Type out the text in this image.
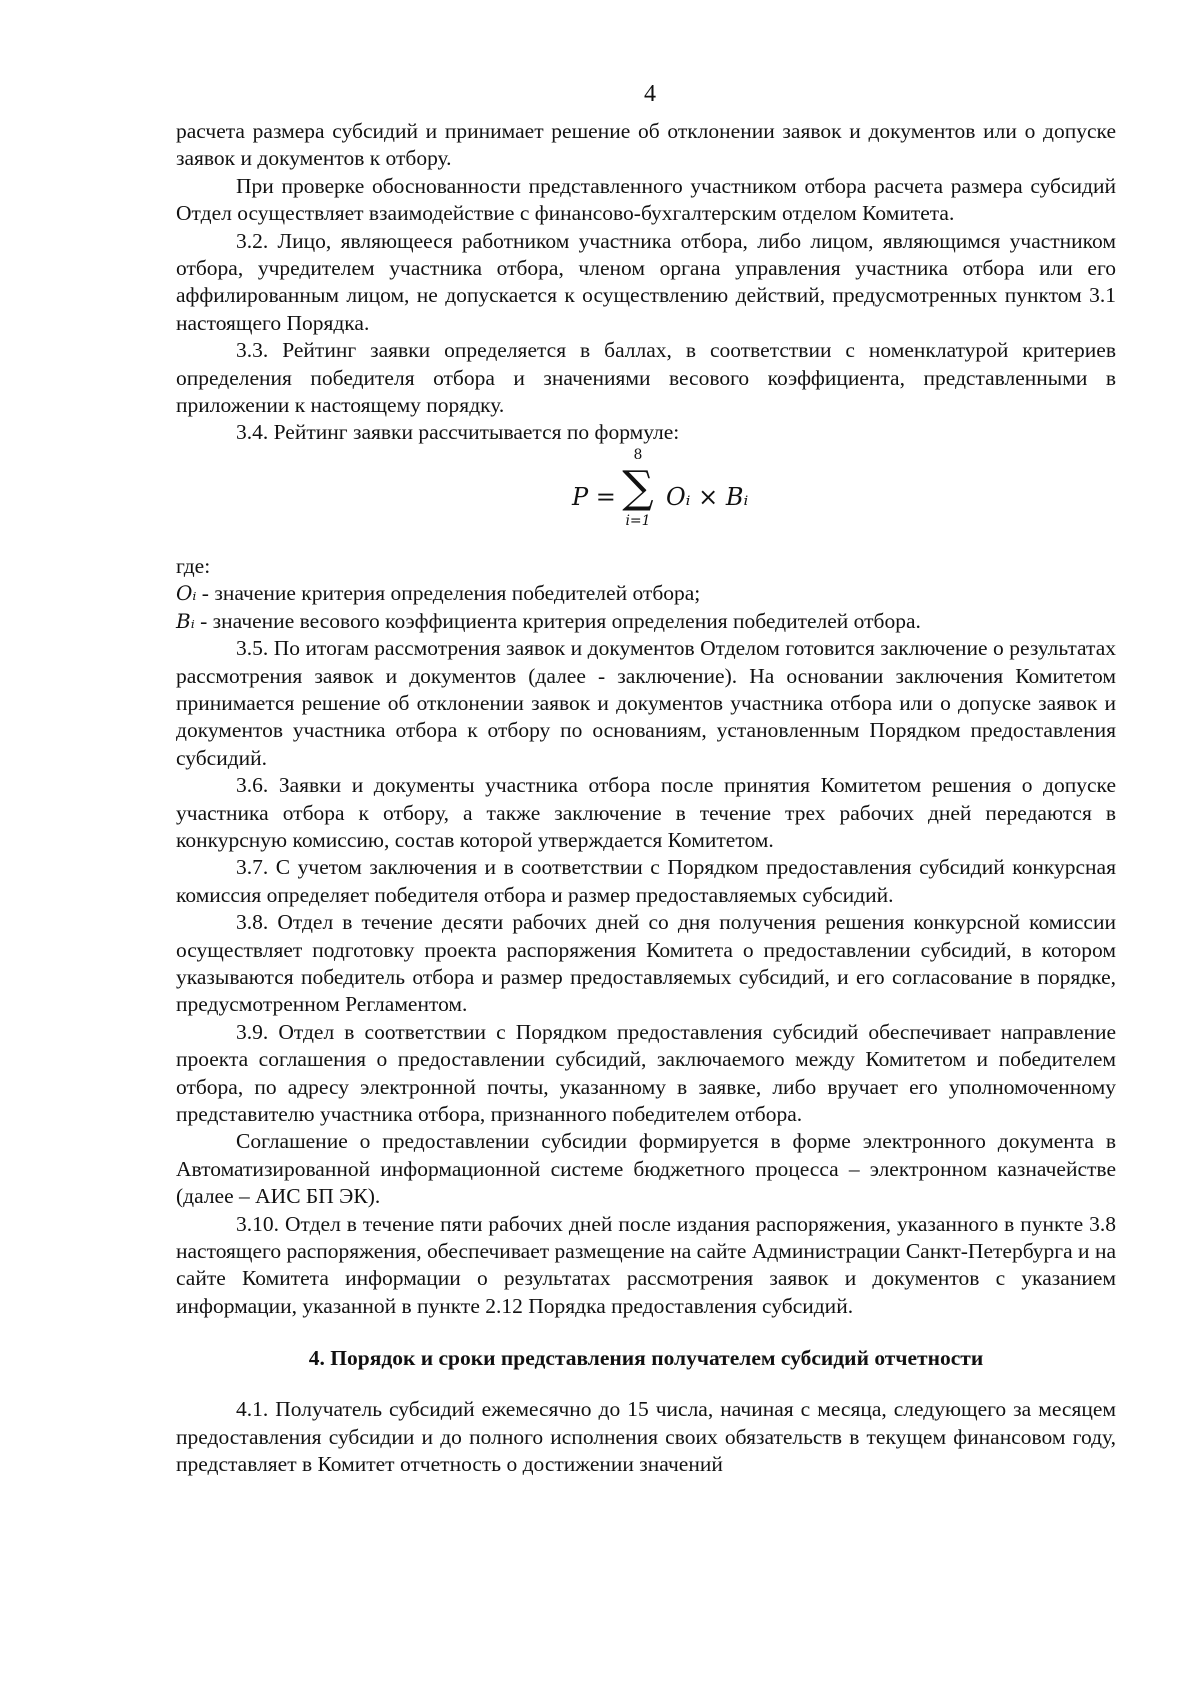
4

расчета размера субсидий и принимает решение об отклонении заявок и документов или о допуске заявок и документов к отбору.

При проверке обоснованности представленного участником отбора расчета размера субсидий Отдел осуществляет взаимодействие с финансово-бухгалтерским отделом Комитета.

3.2. Лицо, являющееся работником участника отбора, либо лицом, являющимся участником отбора, учредителем участника отбора, членом органа управления участника отбора или его аффилированным лицом, не допускается к осуществлению действий, предусмотренных пунктом 3.1 настоящего Порядка.

3.3. Рейтинг заявки определяется в баллах, в соответствии с номенклатурой критериев определения победителя отбора и значениями весового коэффициента, представленными в приложении к настоящему порядку.

3.4. Рейтинг заявки рассчитывается по формуле:

P =
8
∑
i=1
Oᵢ × Bᵢ

где:

Oᵢ - значение критерия определения победителей отбора;

Bᵢ - значение весового коэффициента критерия определения победителей отбора.

3.5. По итогам рассмотрения заявок и документов Отделом готовится заключение о результатах рассмотрения заявок и документов (далее - заключение). На основании заключения Комитетом принимается решение об отклонении заявок и документов участника отбора или о допуске заявок и документов участника отбора к отбору по основаниям, установленным Порядком предоставления субсидий.

3.6. Заявки и документы участника отбора после принятия Комитетом решения о допуске участника отбора к отбору, а также заключение в течение трех рабочих дней передаются в конкурсную комиссию, состав которой утверждается Комитетом.

3.7. С учетом заключения и в соответствии с Порядком предоставления субсидий конкурсная комиссия определяет победителя отбора и размер предоставляемых субсидий.

3.8. Отдел в течение десяти рабочих дней со дня получения решения конкурсной комиссии осуществляет подготовку проекта распоряжения Комитета о предоставлении субсидий, в котором указываются победитель отбора и размер предоставляемых субсидий, и его согласование в порядке, предусмотренном Регламентом.

3.9. Отдел в соответствии с Порядком предоставления субсидий обеспечивает направление проекта соглашения о предоставлении субсидий, заключаемого между Комитетом и победителем отбора, по адресу электронной почты, указанному в заявке, либо вручает его уполномоченному представителю участника отбора, признанного победителем отбора.

Соглашение о предоставлении субсидии формируется в форме электронного документа в Автоматизированной информационной системе бюджетного процесса – электронном казначействе (далее – АИС БП ЭК).

3.10. Отдел в течение пяти рабочих дней после издания распоряжения, указанного в пункте 3.8 настоящего распоряжения, обеспечивает размещение на сайте Администрации Санкт-Петербурга и на сайте Комитета информации о результатах рассмотрения заявок и документов с указанием информации, указанной в пункте 2.12 Порядка предоставления субсидий.

4. Порядок и сроки представления получателем субсидий отчетности

4.1. Получатель субсидий ежемесячно до 15 числа, начиная с месяца, следующего за месяцем предоставления субсидии и до полного исполнения своих обязательств в текущем финансовом году, представляет в Комитет отчетность о достижении значений
